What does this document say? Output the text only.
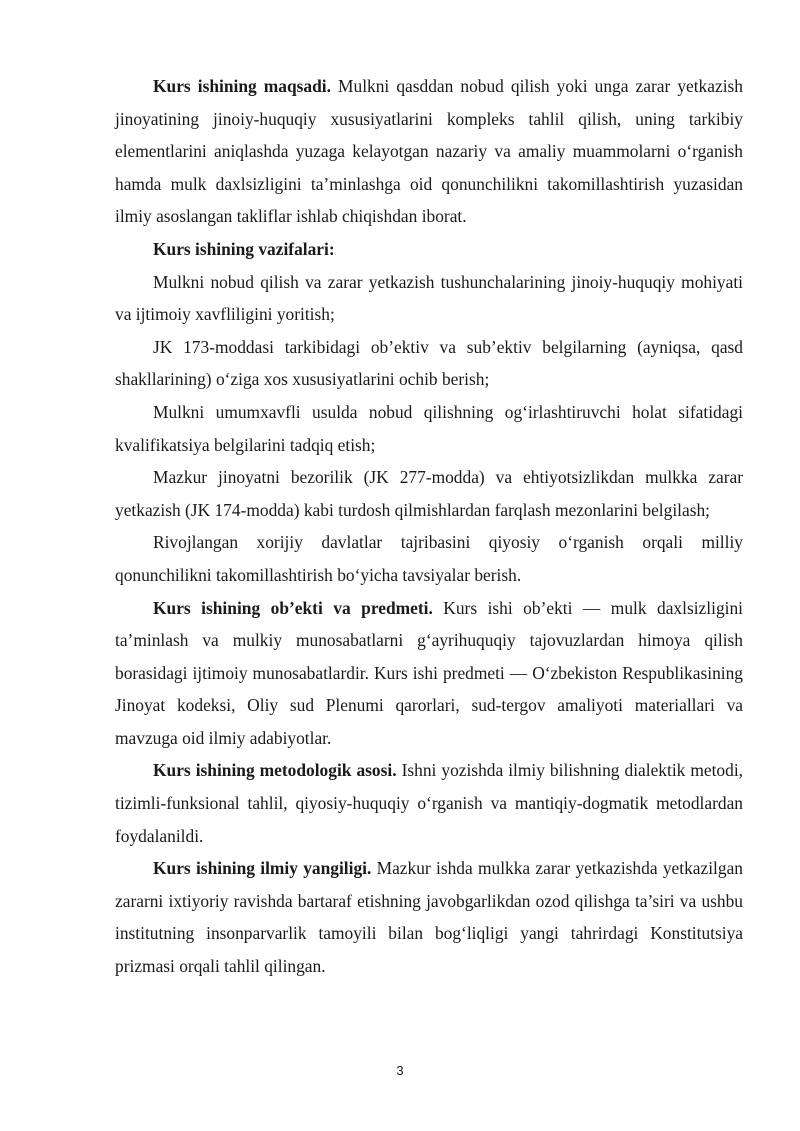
Kurs ishining maqsadi. Mulkni qasddan nobud qilish yoki unga zarar yetkazish jinoyatining jinoiy-huquqiy xususiyatlarini kompleks tahlil qilish, uning tarkibiy elementlarini aniqlashda yuzaga kelayotgan nazariy va amaliy muammolarni o‘rganish hamda mulk daxlsizligini ta’minlashga oid qonunchilikni takomillashtirish yuzasidan ilmiy asoslangan takliflar ishlab chiqishdan iborat.

Kurs ishining vazifalari:

Mulkni nobud qilish va zarar yetkazish tushunchalarining jinoiy-huquqiy mohiyati va ijtimoiy xavfliligini yoritish;

JK 173-moddasi tarkibidagi ob’ektiv va sub’ektiv belgilarning (ayniqsa, qasd shakllarining) o‘ziga xos xususiyatlarini ochib berish;

Mulkni umumxavfli usulda nobud qilishning og‘irlashtiruvchi holat sifatidagi kvalifikatsiya belgilarini tadqiq etish;

Mazkur jinoyatni bezorilik (JK 277-modda) va ehtiyotsizlikdan mulkka zarar yetkazish (JK 174-modda) kabi turdosh qilmishlardan farqlash mezonlarini belgilash;

Rivojlangan xorijiy davlatlar tajribasini qiyosiy o‘rganish orqali milliy qonunchilikni takomillashtirish bo‘yicha tavsiyalar berish.

Kurs ishining ob’ekti va predmeti. Kurs ishi ob’ekti — mulk daxlsizligini ta’minlash va mulkiy munosabatlarni g‘ayrihuquqiy tajovuzlardan himoya qilish borasidagi ijtimoiy munosabatlardir. Kurs ishi predmeti — O‘zbekiston Respublikasining Jinoyat kodeksi, Oliy sud Plenumi qarorlari, sud-tergov amaliyoti materiallari va mavzuga oid ilmiy adabiyotlar.

Kurs ishining metodologik asosi. Ishni yozishda ilmiy bilishning dialektik metodi, tizimli-funksional tahlil, qiyosiy-huquqiy o‘rganish va mantiqiy-dogmatik metodlardan foydalanildi.

Kurs ishining ilmiy yangiligi. Mazkur ishda mulkka zarar yetkazishda yetkazilgan zararni ixtiyoriy ravishda bartaraf etishning javobgarlikdan ozod qilishga ta’siri va ushbu institutning insonparvarlik tamoyili bilan bog‘liqligi yangi tahrirdagi Konstitutsiya prizmasi orqali tahlil qilingan.

3
